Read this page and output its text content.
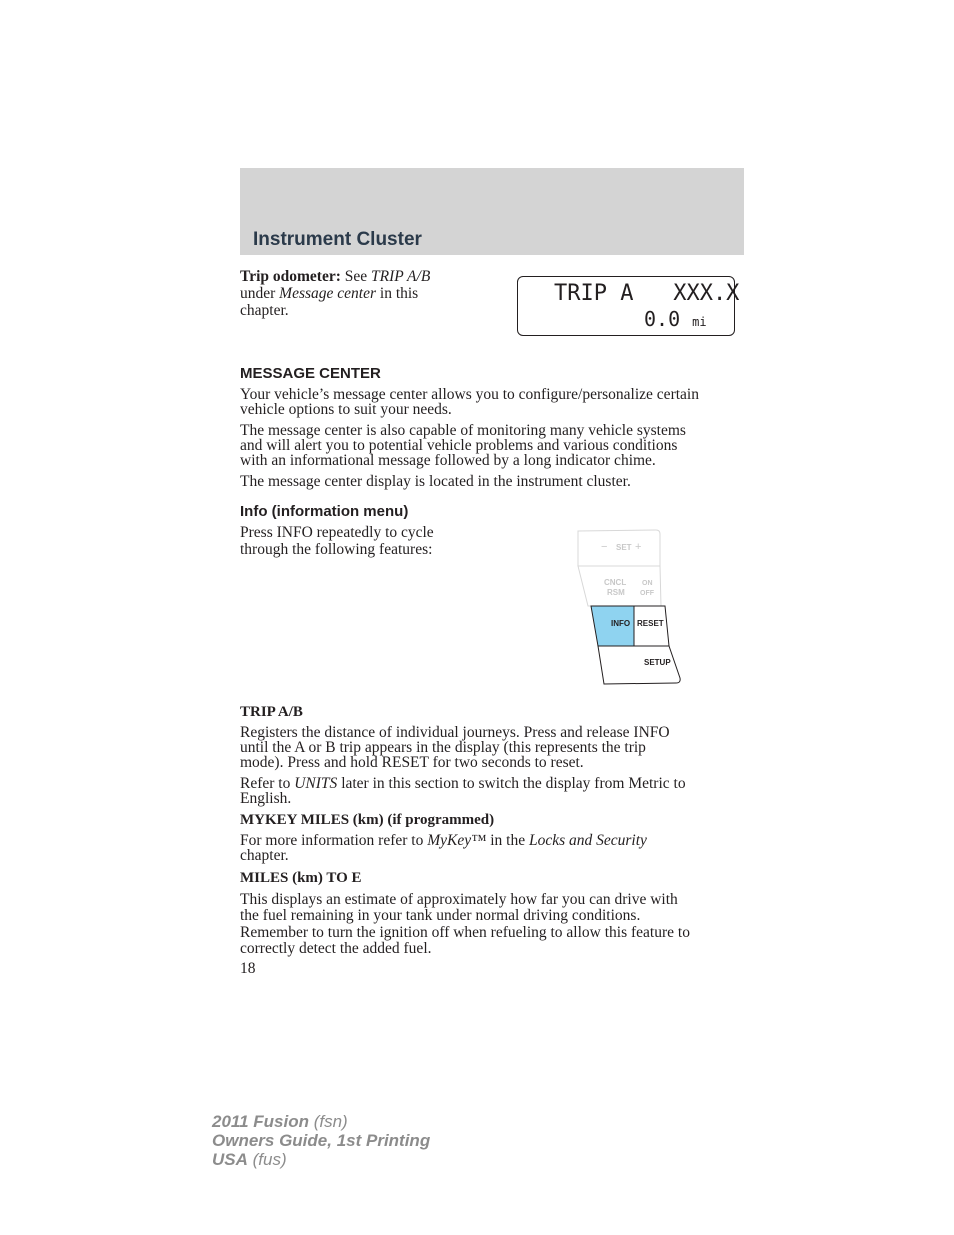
Instrument Cluster
Trip odometer: See TRIP A/B
under Message center in this
chapter.
TRIP A   XXX.X
0.0 mi
MESSAGE CENTER
Your vehicle’s message center allows you to configure/personalize certain
vehicle options to suit your needs.
The message center is also capable of monitoring many vehicle systems
and will alert you to potential vehicle problems and various conditions
with an informational message followed by a long indicator chime.
The message center display is located in the instrument cluster.
Info (information menu)
Press INFO repeatedly to cycle
through the following features:	− SET +
CNCL
RSM
ON
OFF
INFO RESET
SETUP
TRIP A/B
Registers the distance of individual journeys. Press and release INFO
until the A or B trip appears in the display (this represents the trip
mode). Press and hold RESET for two seconds to reset.
Refer to UNITS later in this section to switch the display from Metric to
English.
MYKEY MILES (km) (if programmed)
For more information refer to MyKey™ in the Locks and Security
chapter.
MILES (km) TO E
This displays an estimate of approximately how far you can drive with
the fuel remaining in your tank under normal driving conditions.
Remember to turn the ignition off when refueling to allow this feature to
correctly detect the added fuel.
18
2011 Fusion (fsn)
Owners Guide, 1st Printing
USA (fus)
